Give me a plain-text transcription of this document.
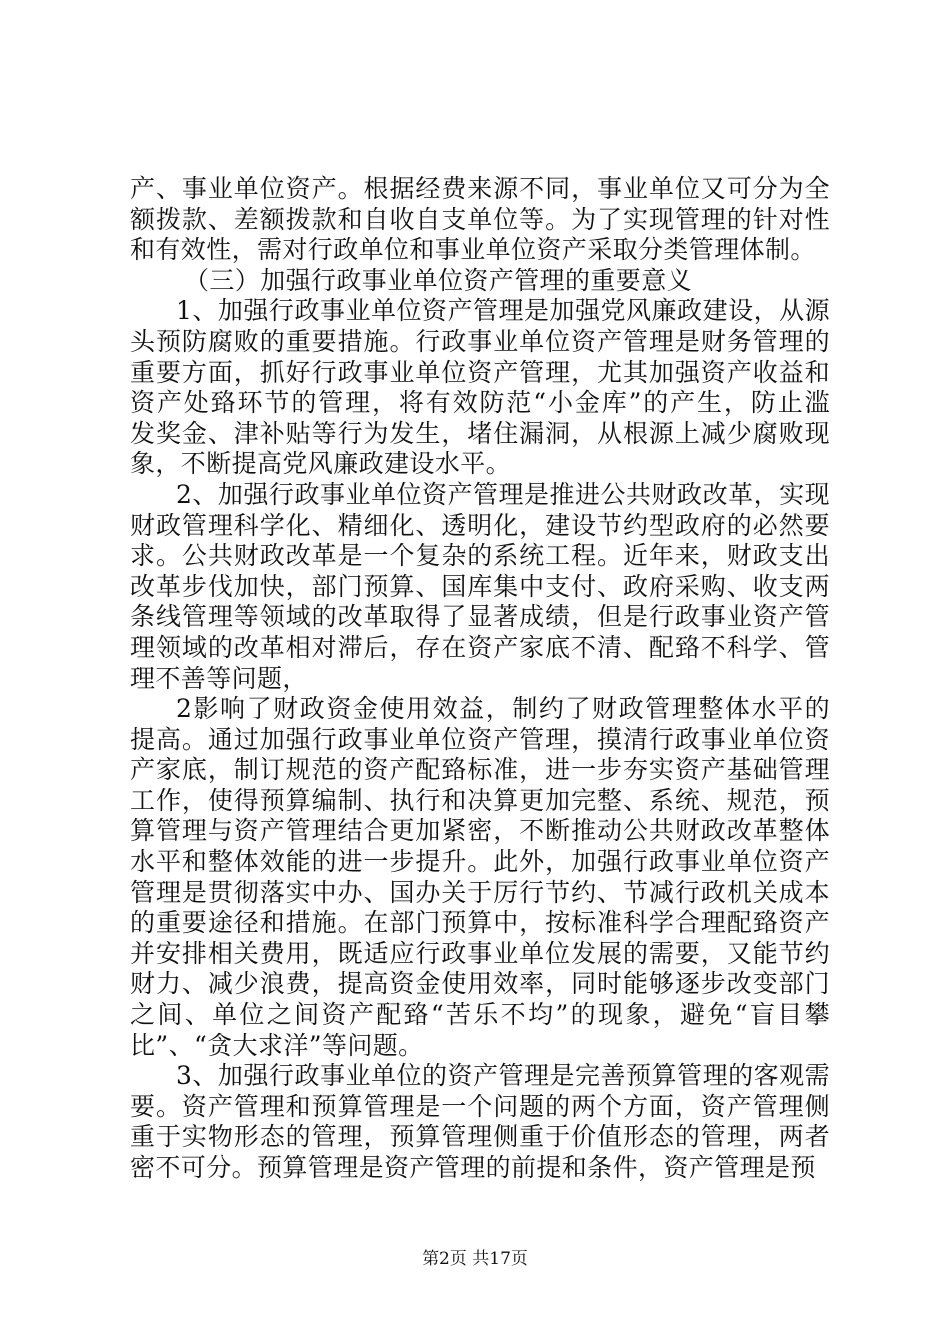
产、事业单位资产。根据经费来源不同，事业单位又可分为全
额拨款、差额拨款和自收自支单位等。为了实现管理的针对性
和有效性，需对行政单位和事业单位资产采取分类管理体制。
（三）加强行政事业单位资产管理的重要意义
1、加强行政事业单位资产管理是加强党风廉政建设，从源
头预防腐败的重要措施。行政事业单位资产管理是财务管理的
重要方面，抓好行政事业单位资产管理，尤其加强资产收益和
资产处臵环节的管理，将有效防范“小金库”的产生，防止滥
发奖金、津补贴等行为发生，堵住漏洞，从根源上减少腐败现
象，不断提高党风廉政建设水平。
2、加强行政事业单位资产管理是推进公共财政改革，实现
财政管理科学化、精细化、透明化，建设节约型政府的必然要
求。公共财政改革是一个复杂的系统工程。近年来，财政支出
改革步伐加快，部门预算、国库集中支付、政府采购、收支两
条线管理等领域的改革取得了显著成绩，但是行政事业资产管
理领域的改革相对滞后，存在资产家底不清、配臵不科学、管
理不善等问题，
2影响了财政资金使用效益，制约了财政管理整体水平的
提高。通过加强行政事业单位资产管理，摸清行政事业单位资
产家底，制订规范的资产配臵标准，进一步夯实资产基础管理
工作，使得预算编制、执行和决算更加完整、系统、规范，预
算管理与资产管理结合更加紧密，不断推动公共财政改革整体
水平和整体效能的进一步提升。此外，加强行政事业单位资产
管理是贯彻落实中办、国办关于厉行节约、节减行政机关成本
的重要途径和措施。在部门预算中，按标准科学合理配臵资产
并安排相关费用，既适应行政事业单位发展的需要，又能节约
财力、减少浪费，提高资金使用效率，同时能够逐步改变部门
之间、单位之间资产配臵“苦乐不均”的现象，避免“盲目攀
比”、“贪大求洋”等问题。
3、加强行政事业单位的资产管理是完善预算管理的客观需
要。资产管理和预算管理是一个问题的两个方面，资产管理侧
重于实物形态的管理，预算管理侧重于价值形态的管理，两者
密不可分。预算管理是资产管理的前提和条件，资产管理是预
第2页 共17页
